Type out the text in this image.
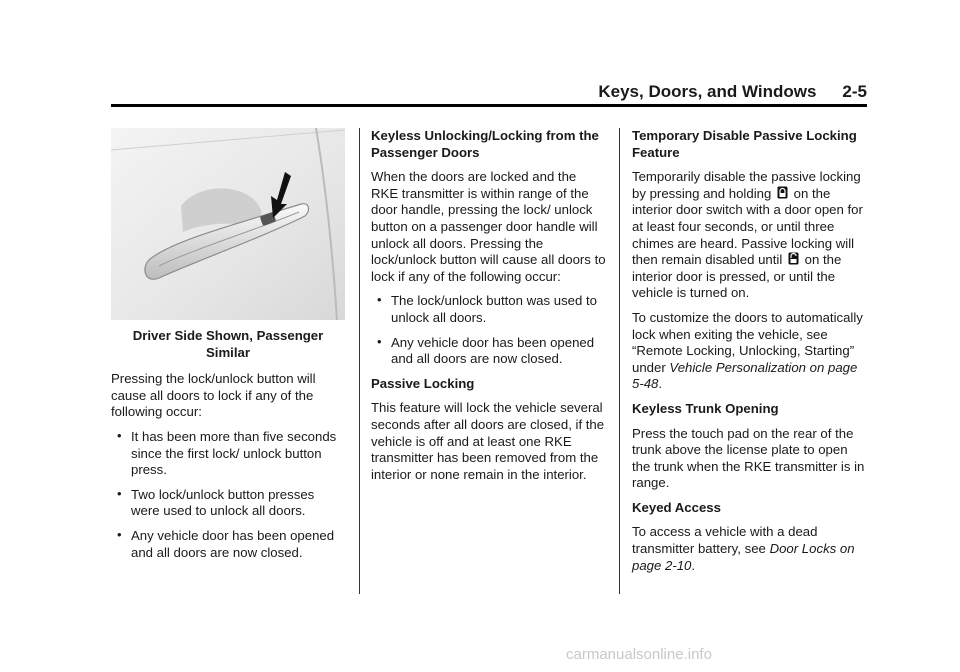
Keys, Doors, and Windows 2-5
Driver Side Shown, Passenger Similar

Pressing the lock/unlock button will cause all doors to lock if any of the following occur:

• It has been more than five seconds since the first lock/ unlock button press.
• Two lock/unlock button presses were used to unlock all doors.
• Any vehicle door has been opened and all doors are now closed.
Keyless Unlocking/Locking from the Passenger Doors

When the doors are locked and the RKE transmitter is within range of the door handle, pressing the lock/ unlock button on a passenger door handle will unlock all doors. Pressing the lock/unlock button will cause all doors to lock if any of the following occur:

• The lock/unlock button was used to unlock all doors.
• Any vehicle door has been opened and all doors are now closed.
Passive Locking

This feature will lock the vehicle several seconds after all doors are closed, if the vehicle is off and at least one RKE transmitter has been removed from the interior or none remain in the interior.

Temporary Disable Passive Locking Feature

Temporarily disable the passive locking by pressing and holding on the interior door switch with a door open for at least four seconds, or until three chimes are heard. Passive locking will then remain disabled until on the interior door is pressed, or until the vehicle is turned on.

To customize the doors to automatically lock when exiting the vehicle, see “Remote Locking, Unlocking, Starting” under Vehicle Personalization on page 5-48.

Keyless Trunk Opening

Press the touch pad on the rear of the trunk above the license plate to open the trunk when the RKE transmitter is in range.

Keyed Access

To access a vehicle with a dead transmitter battery, see Door Locks on page 2-10.

carmanualsonline.info
